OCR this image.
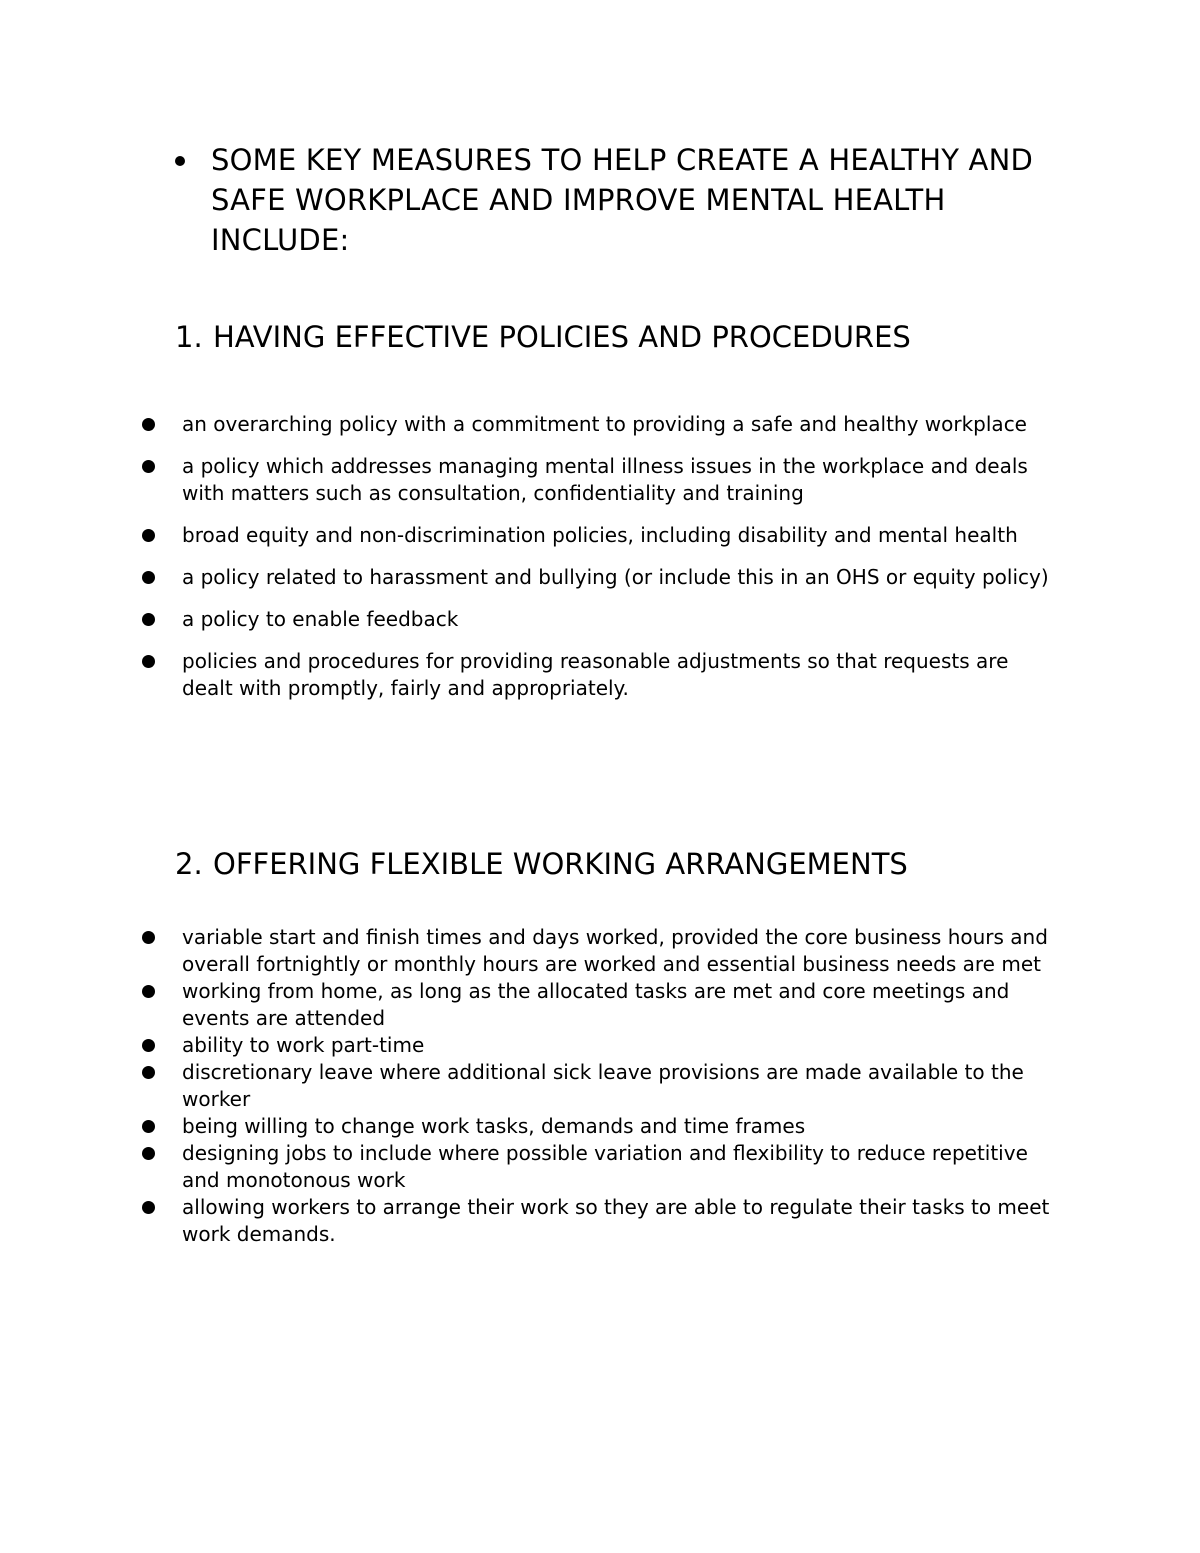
SOME KEY MEASURES TO HELP CREATE A HEALTHY AND SAFE WORKPLACE AND IMPROVE MENTAL HEALTH INCLUDE:
1. HAVING EFFECTIVE POLICIES AND PROCEDURES
an overarching policy with a commitment to providing a safe and healthy workplace
a policy which addresses managing mental illness issues in the workplace and deals with matters such as consultation, confidentiality and training
broad equity and non-discrimination policies, including disability and mental health
a policy related to harassment and bullying (or include this in an OHS or equity policy)
a policy to enable feedback
policies and procedures for providing reasonable adjustments so that requests are dealt with promptly, fairly and appropriately.
2. OFFERING FLEXIBLE WORKING ARRANGEMENTS
variable start and finish times and days worked, provided the core business hours and overall fortnightly or monthly hours are worked and essential business needs are met
working from home, as long as the allocated tasks are met and core meetings and events are attended
ability to work part-time
discretionary leave where additional sick leave provisions are made available to the worker
being willing to change work tasks, demands and time frames
designing jobs to include where possible variation and flexibility to reduce repetitive and monotonous work
allowing workers to arrange their work so they are able to regulate their tasks to meet work demands.
